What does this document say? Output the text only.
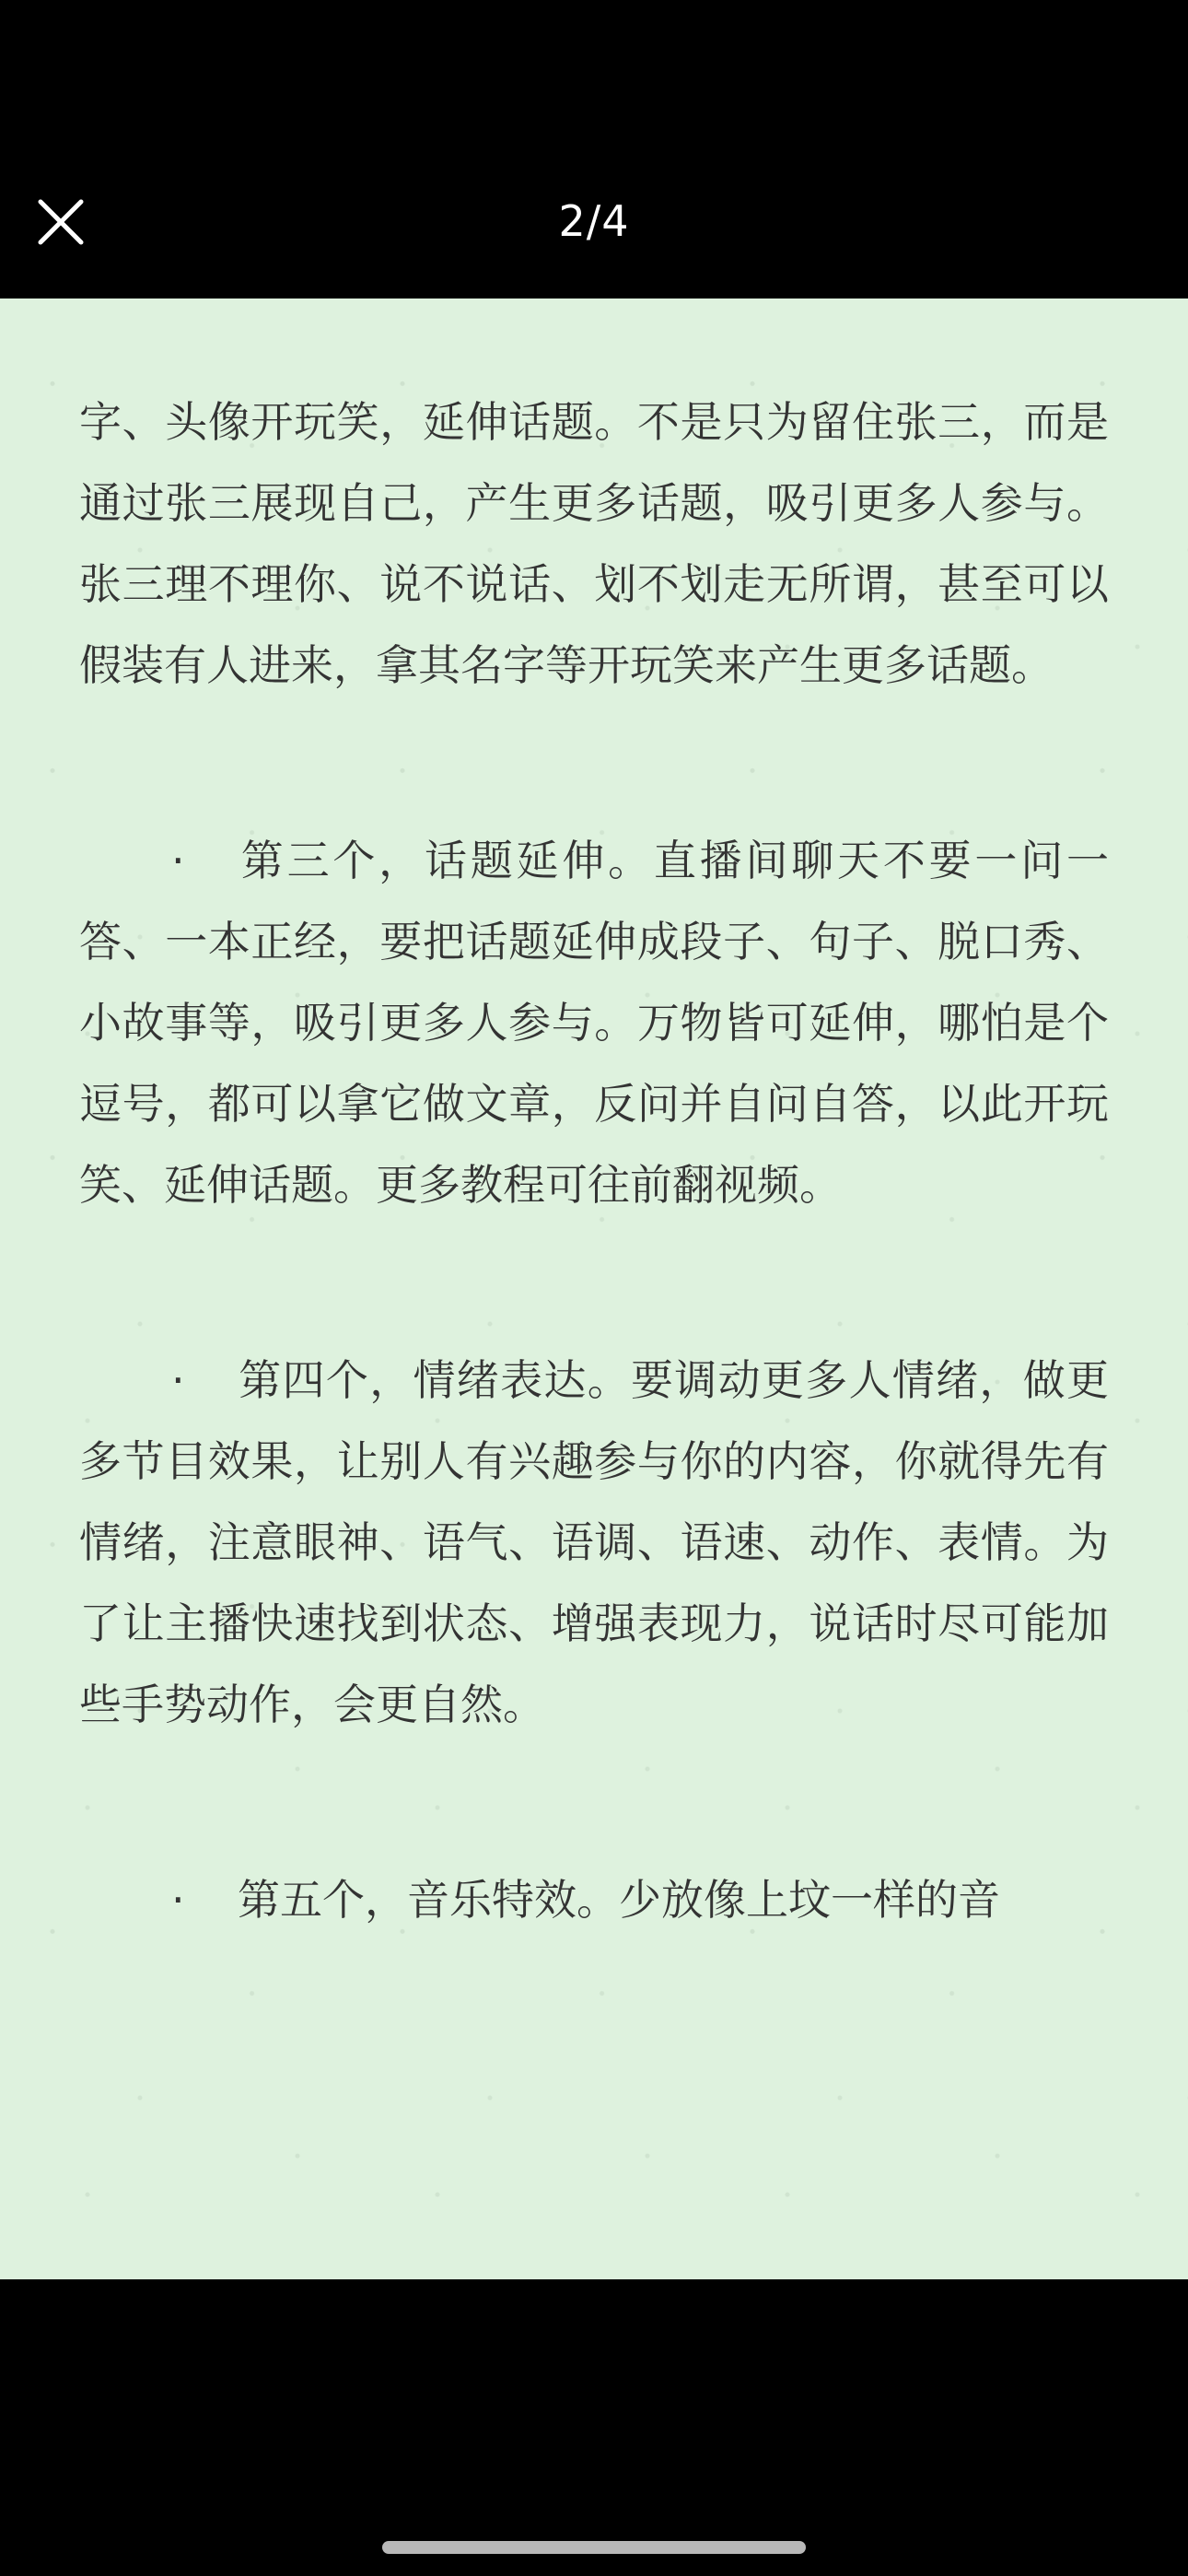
2/4

字、头像开玩笑，延伸话题。不是只为留住张三，而是通过张三展现自己，产生更多话题，吸引更多人参与。张三理不理你、说不说话、划不划走无所谓，甚至可以假装有人进来，拿其名字等开玩笑来产生更多话题。

· 第三个，话题延伸。直播间聊天不要一问一答、一本正经，要把话题延伸成段子、句子、脱口秀、小故事等，吸引更多人参与。万物皆可延伸，哪怕是个逗号，都可以拿它做文章，反问并自问自答，以此开玩笑、延伸话题。更多教程可往前翻视频。

· 第四个，情绪表达。要调动更多人情绪，做更多节目效果，让别人有兴趣参与你的内容，你就得先有情绪，注意眼神、语气、语调、语速、动作、表情。为了让主播快速找到状态、增强表现力，说话时尽可能加些手势动作，会更自然。

· 第五个，音乐特效。少放像上坟一样的音
